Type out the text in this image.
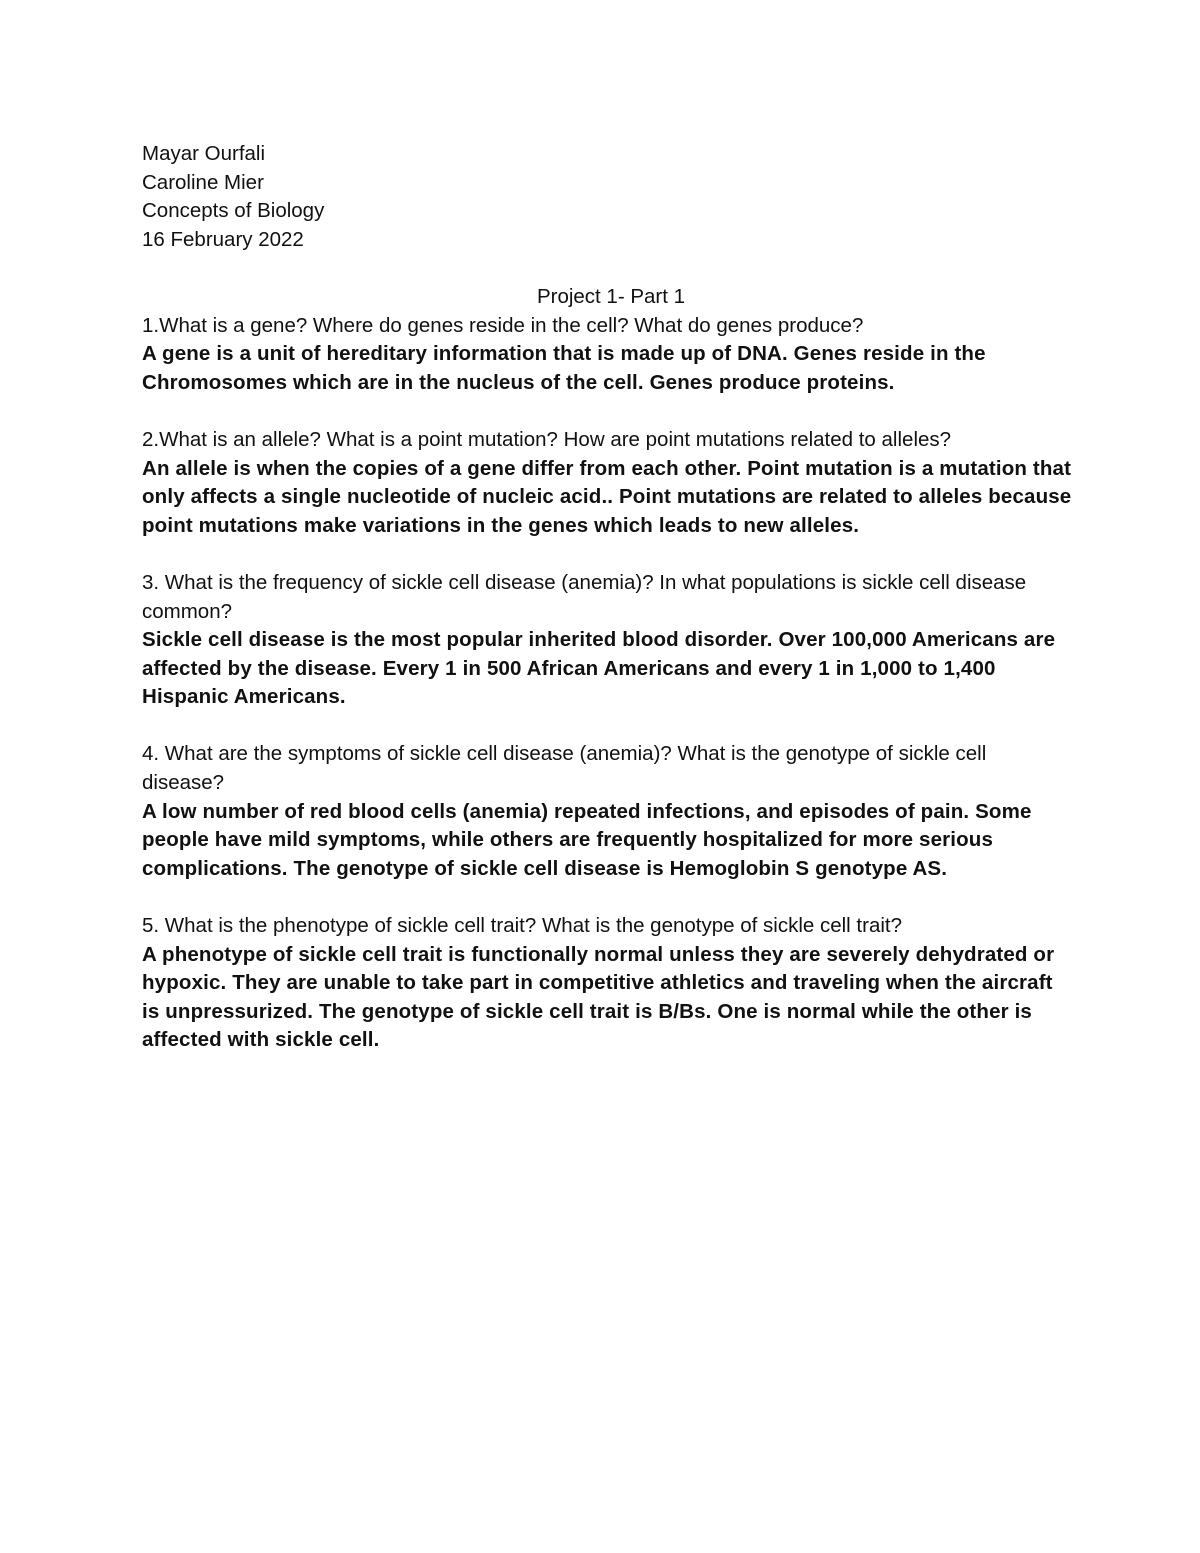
Mayar Ourfali

Caroline Mier

Concepts of Biology

16 February 2022

Project 1- Part 1

1.What is a gene? Where do genes reside in the cell? What do genes produce?

A gene is a unit of hereditary information that is made up of DNA. Genes reside in the Chromosomes which are in the nucleus of the cell. Genes produce proteins.

2.What is an allele? What is a point mutation? How are point mutations related to alleles?

An allele is when the copies of a gene differ from each other. Point mutation is a mutation that only affects a single nucleotide of nucleic acid.. Point mutations are related to alleles because point mutations make variations in the genes which leads to new alleles.

3. What is the frequency of sickle cell disease (anemia)? In what populations is sickle cell disease common?

Sickle cell disease is the most popular inherited blood disorder. Over 100,000 Americans are affected by the disease. Every 1 in 500 African Americans and every 1 in 1,000 to 1,400 Hispanic Americans.

4. What are the symptoms of sickle cell disease (anemia)? What is the genotype of sickle cell disease?

A low number of red blood cells (anemia) repeated infections, and episodes of pain. Some people have mild symptoms, while others are frequently hospitalized for more serious complications. The genotype of sickle cell disease is Hemoglobin S genotype AS.

5. What is the phenotype of sickle cell trait? What is the genotype of sickle cell trait?

A phenotype of sickle cell trait is functionally normal unless they are severely dehydrated or hypoxic. They are unable to take part in competitive athletics and traveling when the aircraft is unpressurized. The genotype of sickle cell trait is B/Bs. One is normal while the other is affected with sickle cell.
